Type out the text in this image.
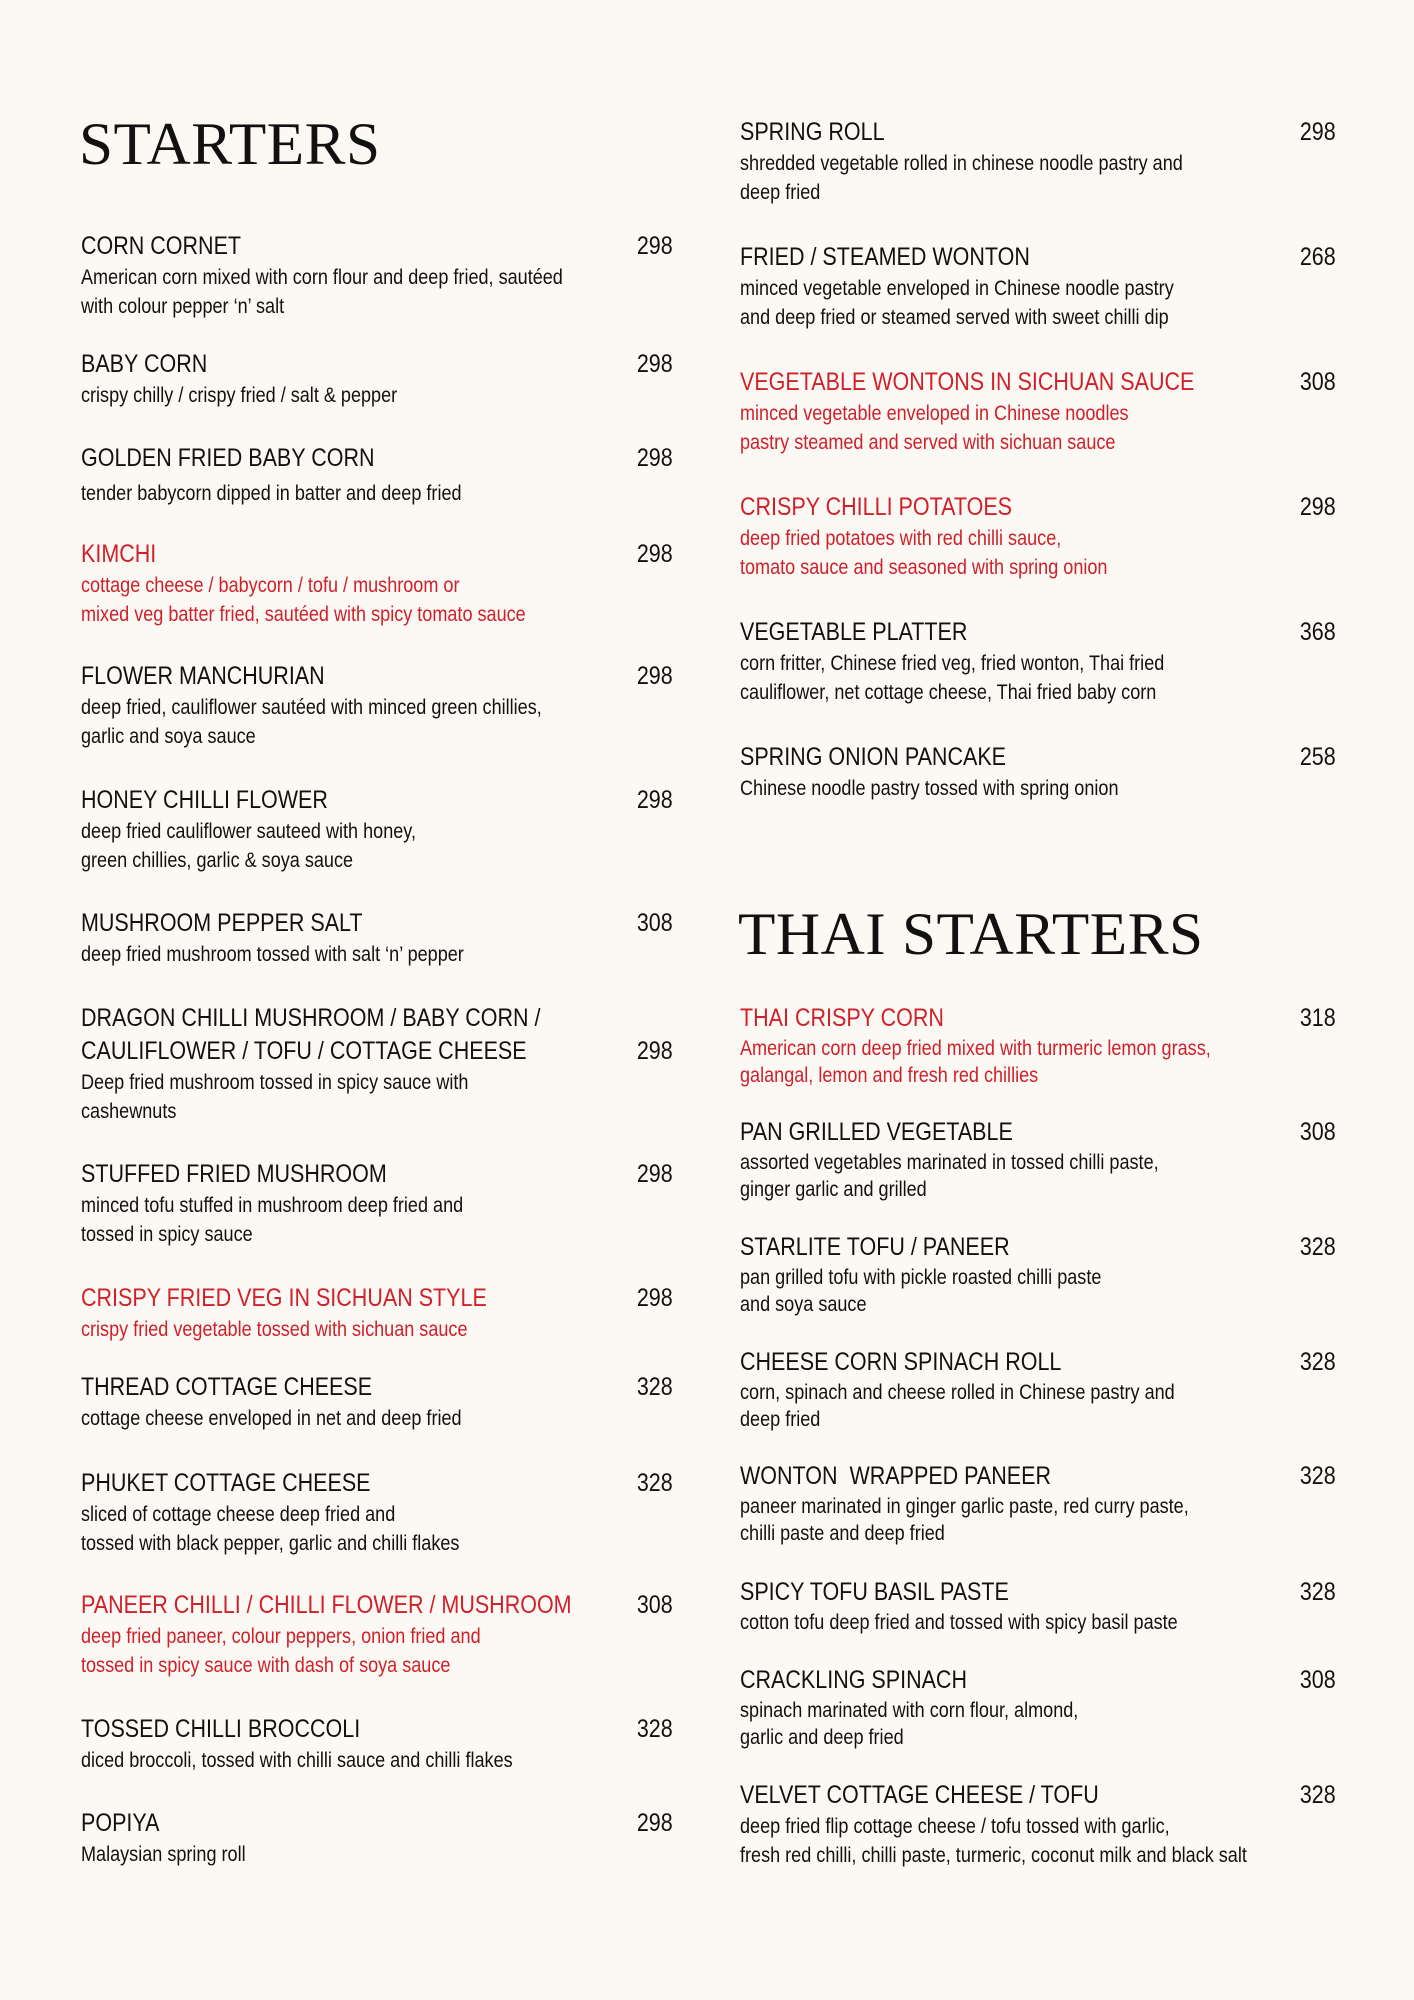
STARTERS
CORN CORNET	298
American corn mixed with corn flour and deep fried, sautéed
with colour pepper ‘n’ salt
BABY CORN	298
crispy chilly / crispy fried / salt & pepper
GOLDEN FRIED BABY CORN	298
tender babycorn dipped in batter and deep fried
KIMCHI	298
cottage cheese / babycorn / tofu / mushroom or
mixed veg batter fried, sautéed with spicy tomato sauce
FLOWER MANCHURIAN	298
deep fried, cauliflower sautéed with minced green chillies,
garlic and soya sauce
HONEY CHILLI FLOWER	298
deep fried cauliflower sauteed with honey,
green chillies, garlic & soya sauce
MUSHROOM PEPPER SALT	308
deep fried mushroom tossed with salt ‘n’ pepper
DRAGON CHILLI MUSHROOM / BABY CORN /
CAULIFLOWER / TOFU / COTTAGE CHEESE	298
Deep fried mushroom tossed in spicy sauce with
cashewnuts
STUFFED FRIED MUSHROOM	298
minced tofu stuffed in mushroom deep fried and
tossed in spicy sauce
CRISPY FRIED VEG IN SICHUAN STYLE	298
crispy fried vegetable tossed with sichuan sauce
THREAD COTTAGE CHEESE	328
cottage cheese enveloped in net and deep fried
PHUKET COTTAGE CHEESE	328
sliced of cottage cheese deep fried and
tossed with black pepper, garlic and chilli flakes
PANEER CHILLI / CHILLI FLOWER / MUSHROOM	308
deep fried paneer, colour peppers, onion fried and
tossed in spicy sauce with dash of soya sauce
TOSSED CHILLI BROCCOLI	328
diced broccoli, tossed with chilli sauce and chilli flakes
POPIYA	298
Malaysian spring roll
SPRING ROLL	298
shredded vegetable rolled in chinese noodle pastry and
deep fried
FRIED / STEAMED WONTON	268
minced vegetable enveloped in Chinese noodle pastry
and deep fried or steamed served with sweet chilli dip
VEGETABLE WONTONS IN SICHUAN SAUCE	308
minced vegetable enveloped in Chinese noodles
pastry steamed and served with sichuan sauce
CRISPY CHILLI POTATOES	298
deep fried potatoes with red chilli sauce,
tomato sauce and seasoned with spring onion
VEGETABLE PLATTER	368
corn fritter, Chinese fried veg, fried wonton, Thai fried
cauliflower, net cottage cheese, Thai fried baby corn
SPRING ONION PANCAKE	258
Chinese noodle pastry tossed with spring onion
THAI STARTERS
THAI CRISPY CORN	318
American corn deep fried mixed with turmeric lemon grass,
galangal, lemon and fresh red chillies
PAN GRILLED VEGETABLE	308
assorted vegetables marinated in tossed chilli paste,
ginger garlic and grilled
STARLITE TOFU / PANEER	328
pan grilled tofu with pickle roasted chilli paste
and soya sauce
CHEESE CORN SPINACH ROLL	328
corn, spinach and cheese rolled in Chinese pastry and
deep fried
WONTON  WRAPPED PANEER	328
paneer marinated in ginger garlic paste, red curry paste,
chilli paste and deep fried
SPICY TOFU BASIL PASTE	328
cotton tofu deep fried and tossed with spicy basil paste
CRACKLING SPINACH	308
spinach marinated with corn flour, almond,
garlic and deep fried
VELVET COTTAGE CHEESE / TOFU	328
deep fried flip cottage cheese / tofu tossed with garlic,
fresh red chilli, chilli paste, turmeric, coconut milk and black salt
